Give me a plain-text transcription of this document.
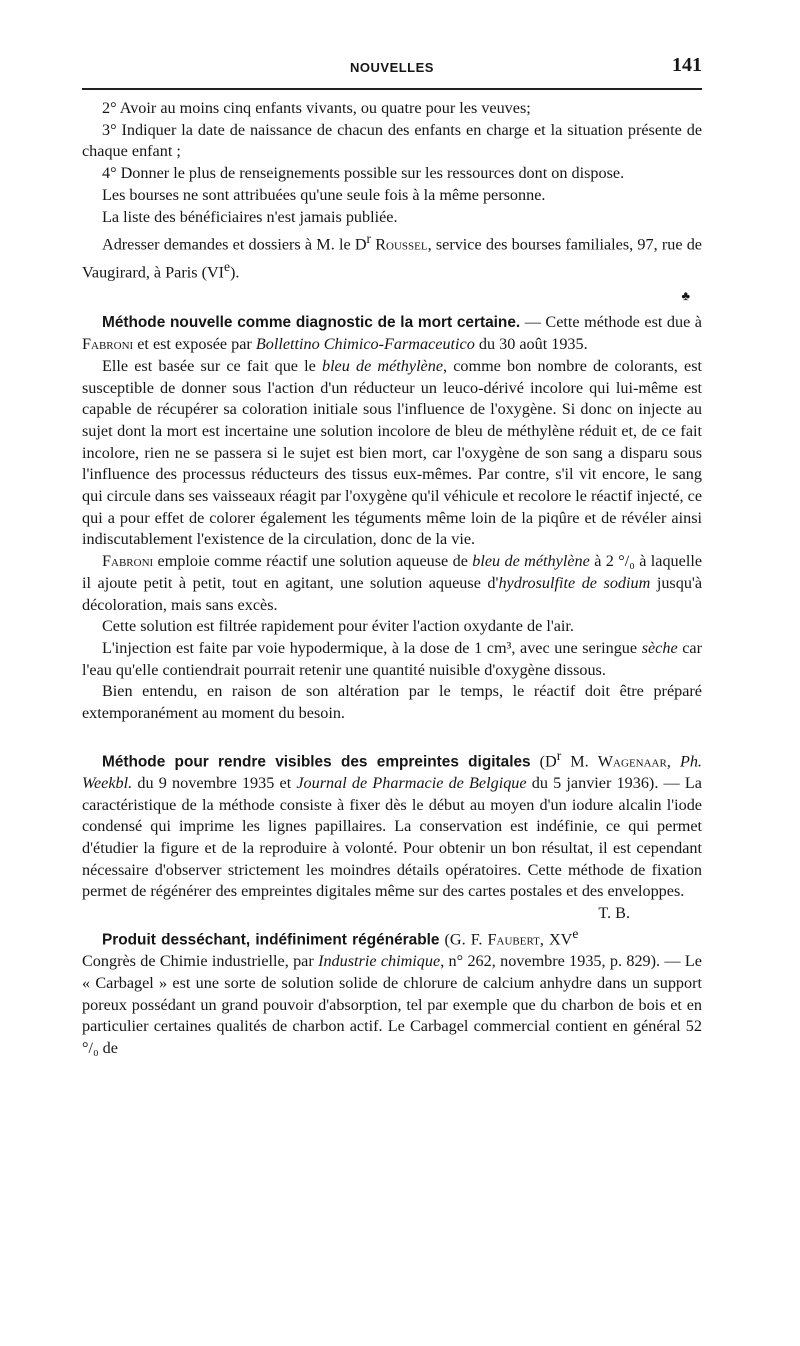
NOUVELLES	141

2° Avoir au moins cinq enfants vivants, ou quatre pour les veuves;

3° Indiquer la date de naissance de chacun des enfants en charge et la situation présente de chaque enfant ;

4° Donner le plus de renseignements possible sur les ressources dont on dispose.

Les bourses ne sont attribuées qu'une seule fois à la même personne.

La liste des bénéficiaires n'est jamais publiée.

Adresser demandes et dossiers à M. le $D^r$ Roussel, service des bourses familiales, 97, rue de Vaugirard, à Paris (VIe).

♣

Méthode nouvelle comme diagnostic de la mort certaine. — Cette méthode est due à Fabroni et est exposée par Bollettino Chimico-Farmaceutico du 30 août 1935.

Elle est basée sur ce fait que le bleu de méthylène, comme bon nombre de colorants, est susceptible de donner sous l'action d'un réducteur un leuco-dérivé incolore qui lui-même est capable de récupérer sa coloration initiale sous l'influence de l'oxygène. Si donc on injecte au sujet dont la mort est incertaine une solution incolore de bleu de méthylène réduit et, de ce fait incolore, rien ne se passera si le sujet est bien mort, car l'oxygène de son sang a disparu sous l'influence des processus réducteurs des tissus eux-mêmes. Par contre, s'il vit encore, le sang qui circule dans ses vaisseaux réagit par l'oxygène qu'il véhicule et recolore le réactif injecté, ce qui a pour effet de colorer également les téguments même loin de la piqûre et de révéler ainsi indiscutablement l'existence de la circulation, donc de la vie.

Fabroni emploie comme réactif une solution aqueuse de bleu de méthylène à 2 °/₀ à laquelle il ajoute petit à petit, tout en agitant, une solution aqueuse d'hydrosulfite de sodium jusqu'à décoloration, mais sans excès.

Cette solution est filtrée rapidement pour éviter l'action oxydante de l'air.

L'injection est faite par voie hypodermique, à la dose de 1 cm³, avec une seringue sèche car l'eau qu'elle contiendrait pourrait retenir une quantité nuisible d'oxygène dissous.

Bien entendu, en raison de son altération par le temps, le réactif doit être préparé extemporanément au moment du besoin.

Méthode pour rendre visibles des empreintes digitales ($D^r$ M. Wagenaar, Ph. Weekbl. du 9 novembre 1935 et Journal de Pharmacie de Belgique du 5 janvier 1936). — La caractéristique de la méthode consiste à fixer dès le début au moyen d'un iodure alcalin l'iode condensé qui imprime les lignes papillaires. La conservation est indéfinie, ce qui permet d'étudier la figure et de la reproduire à volonté. Pour obtenir un bon résultat, il est cependant nécessaire d'observer strictement les moindres détails opératoires. Cette méthode de fixation permet de régénérer des empreintes digitales même sur des cartes postales et des enveloppes.
T. B.

Produit desséchant, indéfiniment régénérable (G. F. Faubert, XVe Congrès de Chimie industrielle, par Industrie chimique, n° 262, novembre 1935, p. 829). — Le « Carbagel » est une sorte de solution solide de chlorure de calcium anhydre dans un support poreux possédant un grand pouvoir d'absorption, tel par exemple que du charbon de bois et en particulier certaines qualités de charbon actif. Le Carbagel commercial contient en général 52 °/₀ de
